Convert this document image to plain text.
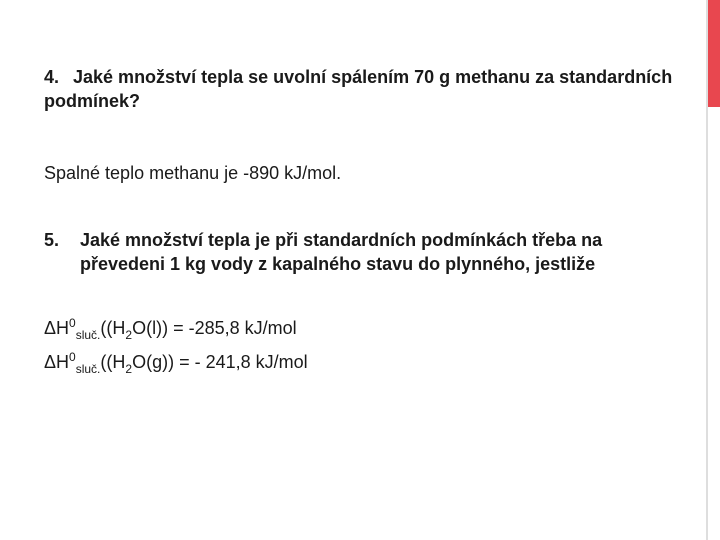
4. Jaké množství tepla se uvolní spálením 70 g methanu za standardních podmínek?
Spalné teplo methanu je -890 kJ/mol.
5. Jaké množství tepla je při standardních podmínkách třeba na převedeni 1 kg vody z kapalného stavu do plynného, jestliže
$\Delta H^0_{sluč.}((H_2O(l)) = -285,8$ kJ/mol
$\Delta H^0_{sluč.}((H_2O(g))$ = - 241,8 kJ/mol
